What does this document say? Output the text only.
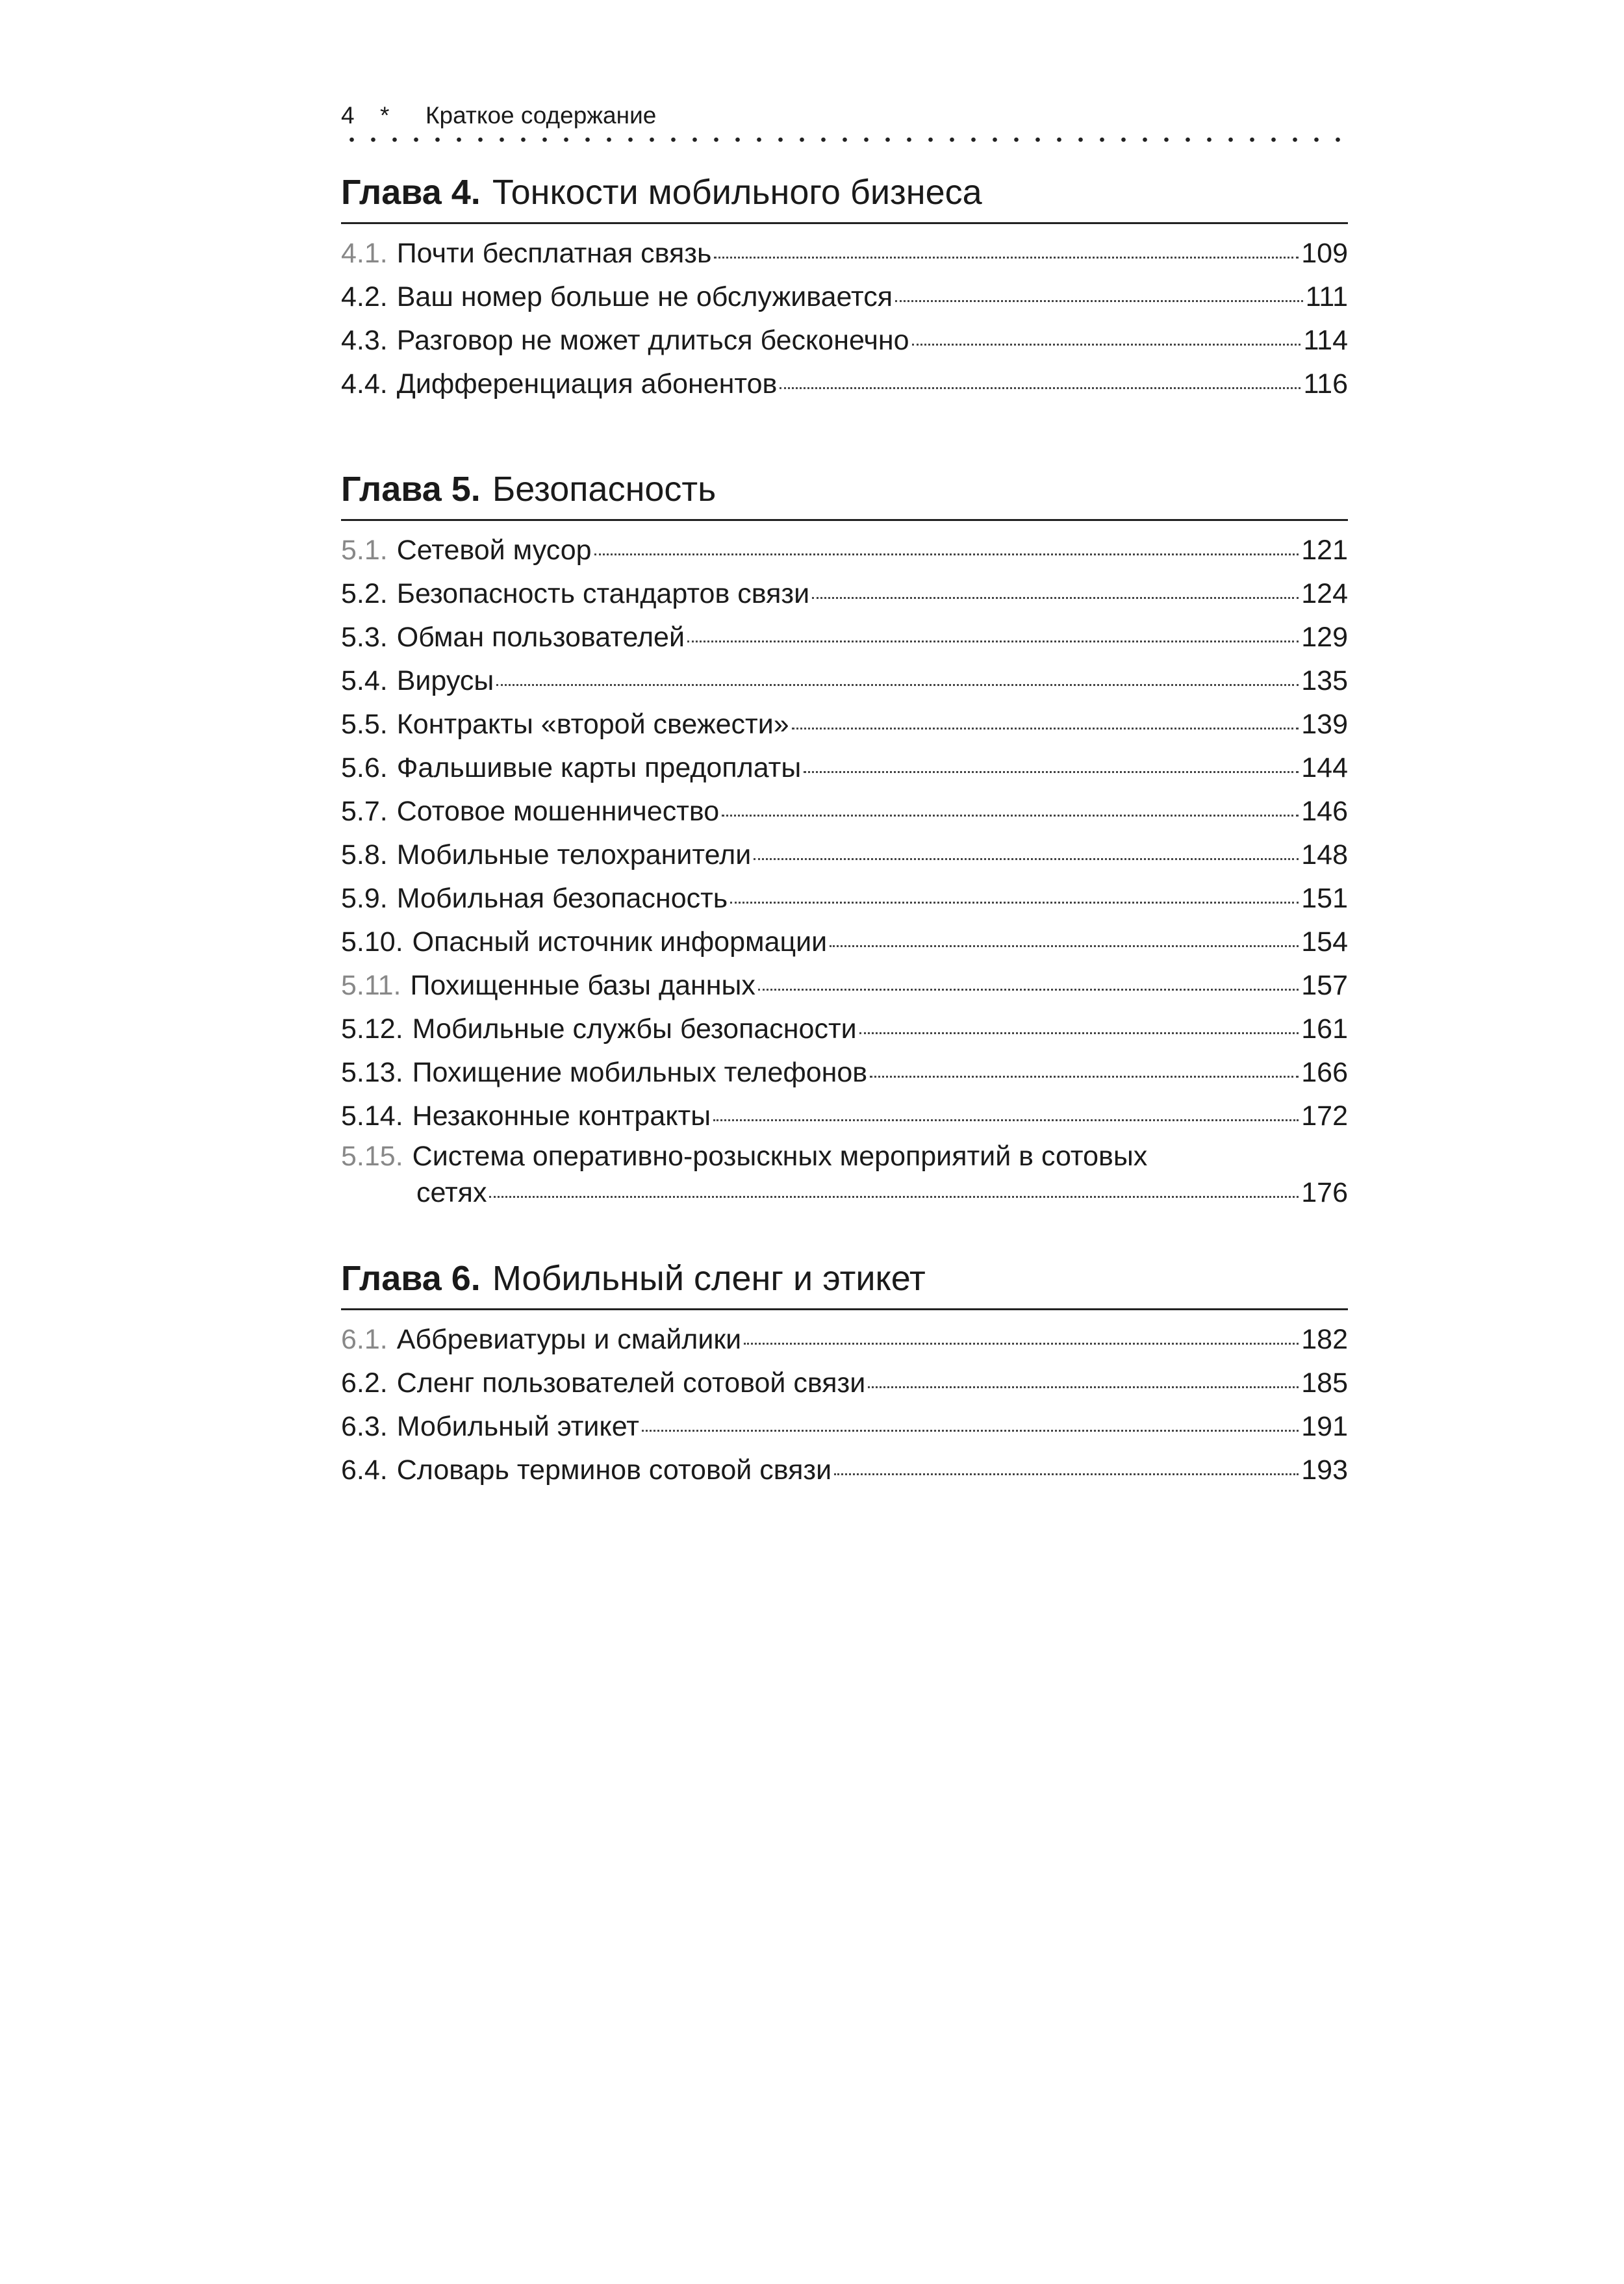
4	*	Краткое содержание
Глава 4. Тонкости мобильного бизнеса
4.1. Почти бесплатная связь	109
4.2. Ваш номер больше не обслуживается	111
4.3. Разговор не может длиться бесконечно	114
4.4. Дифференциация абонентов	116
Глава 5. Безопасность
5.1. Сетевой мусор	121
5.2. Безопасность стандартов связи	124
5.3. Обман пользователей	129
5.4. Вирусы	135
5.5. Контракты «второй свежести»	139
5.6. Фальшивые карты предоплаты	144
5.7. Сотовое мошенничество	146
5.8. Мобильные телохранители	148
5.9. Мобильная безопасность	151
5.10. Опасный источник информации	154
5.11. Похищенные базы данных	157
5.12. Мобильные службы безопасности	161
5.13. Похищение мобильных телефонов	166
5.14. Незаконные контракты	172
5.15. Система оперативно-розыскных мероприятий в сотовых
сетях	176
Глава 6. Мобильный сленг и этикет
6.1. Аббревиатуры и смайлики	182
6.2. Сленг пользователей сотовой связи	185
6.3. Мобильный этикет	191
6.4. Словарь терминов сотовой связи	193
